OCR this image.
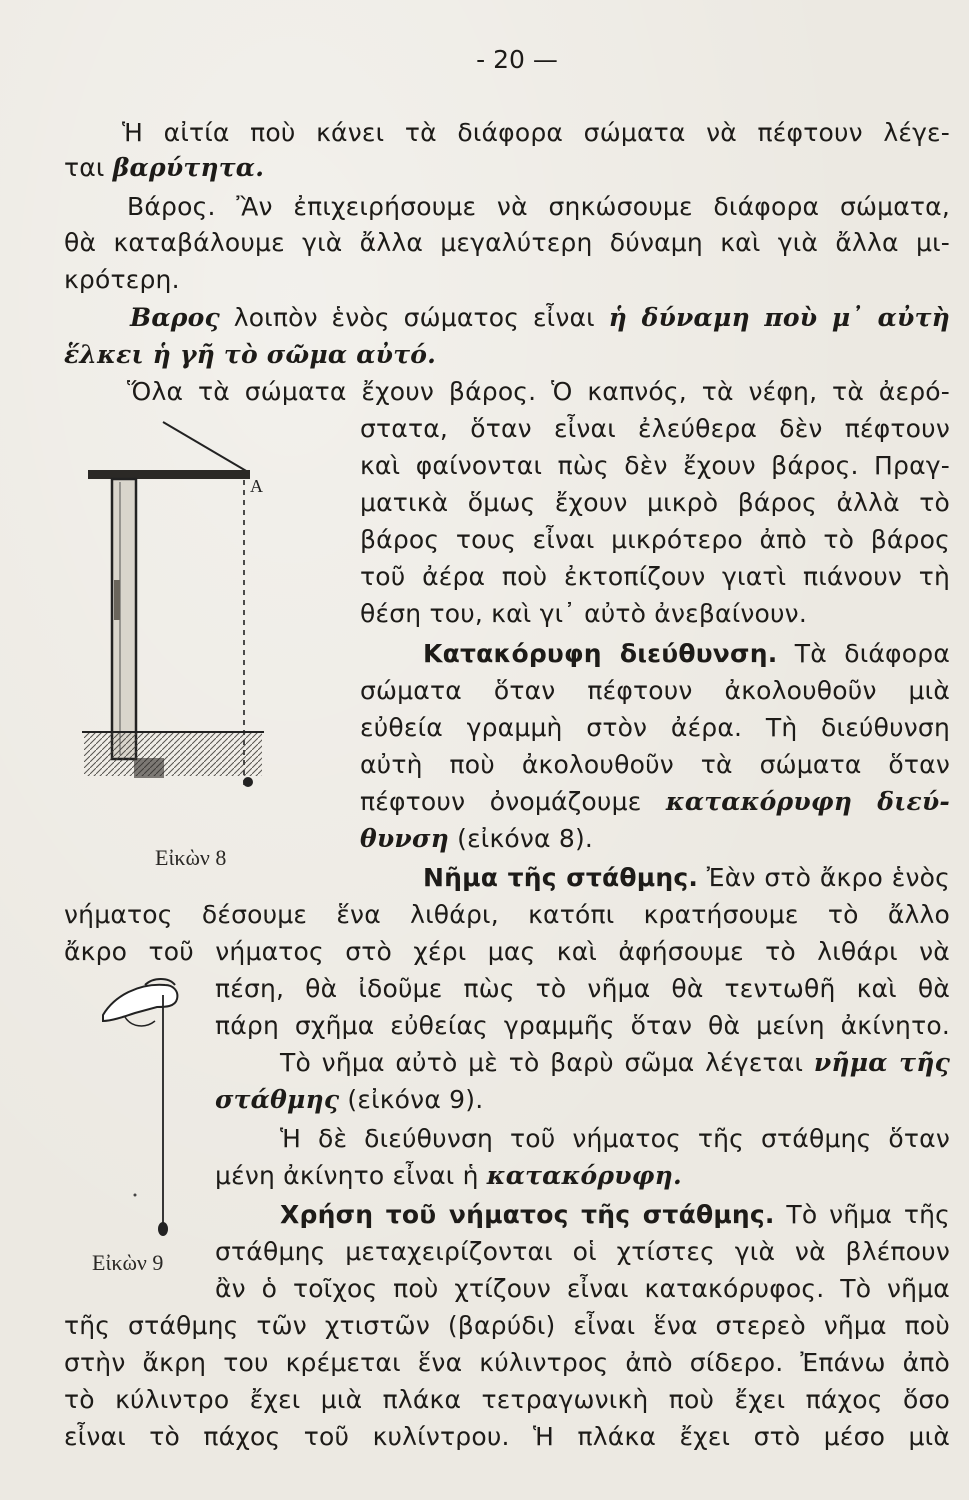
- 20 —
Ἡ αἰτία ποὺ κάνει τὰ διάφορα σώματα νὰ πέφτουν λέγε-
ται βαρύτητα.
Βάρος. Ἂν ἐπιχειρήσουμε νὰ σηκώσουμε διάφορα σώματα,
θὰ καταβάλουμε γιὰ ἄλλα μεγαλύτερη δύναμη καὶ γιὰ ἄλλα μι-
κρότερη.
Βαρος λοιπὸν ἑνὸς σώματος εἶναι ἡ δύναμη ποὺ μ᾽ αὐτὴ
ἕλκει ἡ γῆ τὸ σῶμα αὐτό.
Ὅλα τὰ σώματα ἔχουν βάρος. Ὁ καπνός, τὰ νέφη, τὰ ἀερό-
στατα, ὅταν εἶναι ἐλεύθερα δὲν πέφτουν
καὶ φαίνονται πὼς δὲν ἔχουν βάρος. Πραγ-
ματικὰ ὅμως ἔχουν μικρὸ βάρος ἀλλὰ τὸ
βάρος τους εἶναι μικρότερο ἀπὸ τὸ βάρος
τοῦ ἀέρα ποὺ ἐκτοπίζουν γιατὶ πιάνουν τὴ
θέση του, καὶ γι᾽ αὐτὸ ἀνεβαίνουν.
Κατακόρυφη διεύθυνση. Τὰ διάφορα
σώματα ὅταν πέφτουν ἀκολουθοῦν μιὰ
εὐθεία γραμμὴ στὸν ἀέρα. Τὴ διεύθυνση
αὐτὴ ποὺ ἀκολουθοῦν τὰ σώματα ὅταν
πέφτουν ὀνομάζουμε κατακόρυφη διεύ-
θυνση (εἰκόνα 8).
Νῆμα τῆς στάθμης. Ἐὰν στὸ ἄκρο ἑνὸς
νήματος δέσουμε ἕνα λιθάρι, κατόπι κρατήσουμε τὸ ἄλλο
ἄκρο τοῦ νήματος στὸ χέρι μας καὶ ἀφήσουμε τὸ λιθάρι νὰ
πέση, θὰ ἰδοῦμε πὼς τὸ νῆμα θὰ τεντωθῆ καὶ θὰ
πάρη σχῆμα εὐθείας γραμμῆς ὅταν θὰ μείνη ἀκίνητο.
Τὸ νῆμα αὐτὸ μὲ τὸ βαρὺ σῶμα λέγεται νῆμα τῆς
στάθμης (εἰκόνα 9).
Ἡ δὲ διεύθυνση τοῦ νήματος τῆς στάθμης ὅταν
μένη ἀκίνητο εἶναι ἡ κατακόρυφη.
Χρήση τοῦ νήματος τῆς στάθμης. Τὸ νῆμα τῆς
στάθμης μεταχειρίζονται οἱ χτίστες γιὰ νὰ βλέπουν
ἂν ὁ τοῖχος ποὺ χτίζουν εἶναι κατακόρυφος. Τὸ νῆμα
τῆς στάθμης τῶν χτιστῶν (βαρύδι) εἶναι ἕνα στερεὸ νῆμα ποὺ
στὴν ἄκρη του κρέμεται ἕνα κύλιντρος ἀπὸ σίδερο. Ἐπάνω ἀπὸ
τὸ κύλιντρο ἔχει μιὰ πλάκα τετραγωνικὴ ποὺ ἔχει πάχος ὅσο
εἶναι τὸ πάχος τοῦ κυλίντρου. Ἡ πλάκα ἔχει στὸ μέσο μιὰ
A
Εἰκὼν 8
Εἰκὼν 9
